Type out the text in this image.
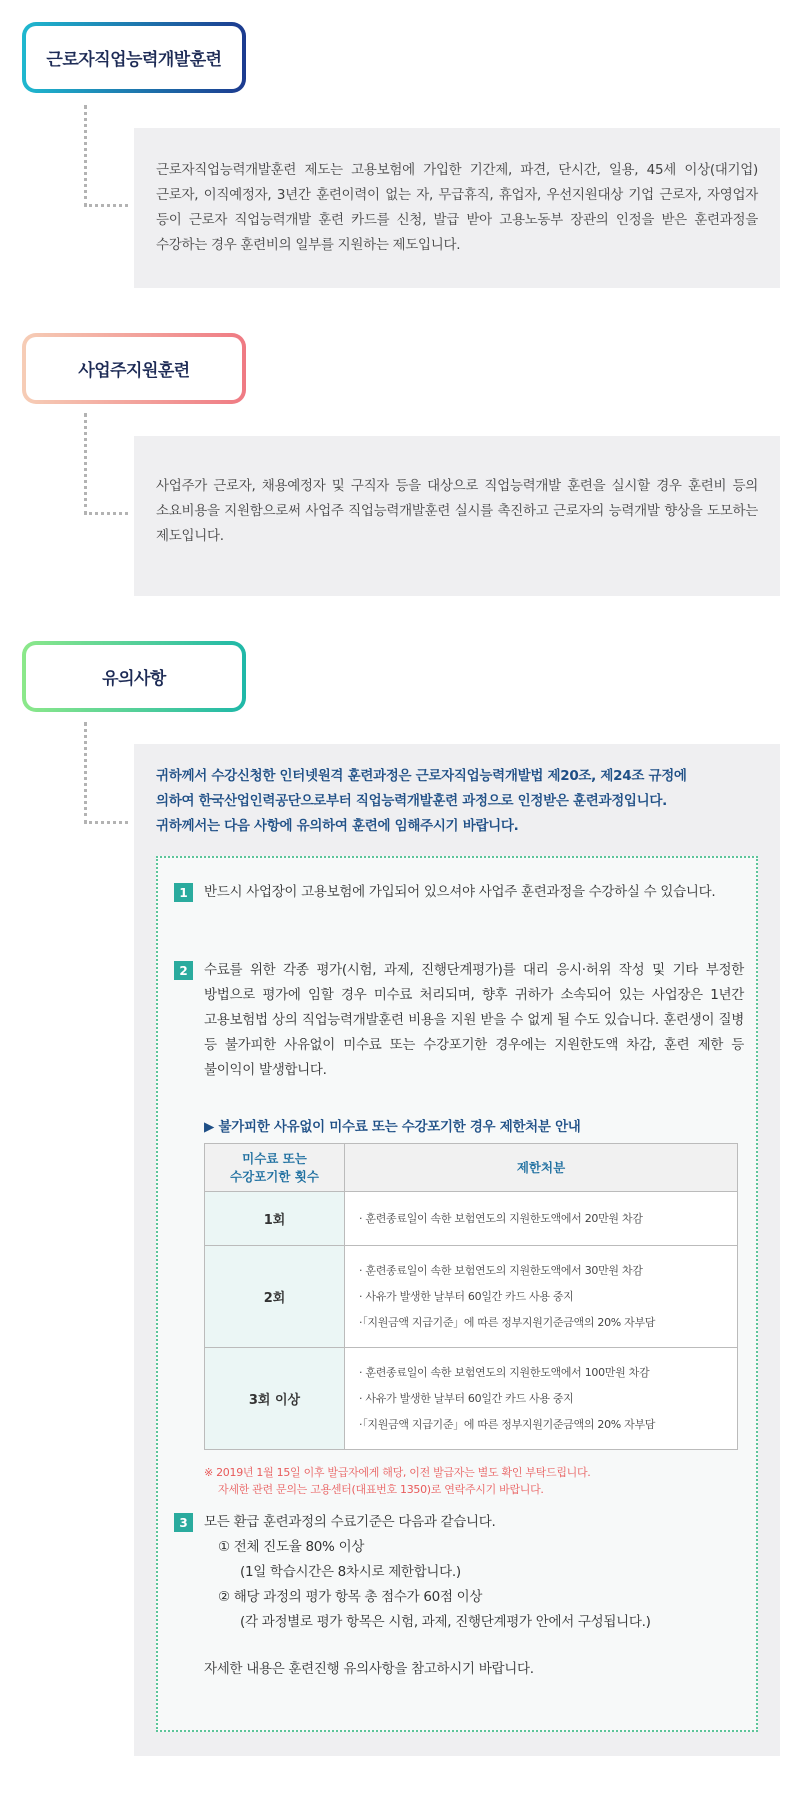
근로자직업능력개발훈련

근로자직업능력개발훈련 제도는 고용보험에 가입한 기간제, 파견, 단시간, 일용, 45세 이상(대기업)근로자, 이직예정자, 3년간 훈련이력이 없는 자, 무급휴직, 휴업자, 우선지원대상 기업 근로자, 자영업자 등이 근로자 직업능력개발 훈련 카드를 신청, 발급 받아 고용노동부 장관의 인정을 받은 훈련과정을 수강하는 경우 훈련비의 일부를 지원하는 제도입니다.

사업주지원훈련

사업주가 근로자, 채용예정자 및 구직자 등을 대상으로 직업능력개발 훈련을 실시할 경우 훈련비 등의 소요비용을 지원함으로써 사업주 직업능력개발훈련 실시를 촉진하고 근로자의 능력개발 향상을 도모하는 제도입니다.

유의사항

귀하께서 수강신청한 인터넷원격 훈련과정은 근로자직업능력개발법 제20조, 제24조 규정에

의하여 한국산업인력공단으로부터 직업능력개발훈련 과정으로 인정받은 훈련과정입니다.

귀하께서는 다음 사항에 유의하여 훈련에 임해주시기 바랍니다.

1	반드시 사업장이 고용보험에 가입되어 있으셔야 사업주 훈련과정을 수강하실 수 있습니다.

2	수료를 위한 각종 평가(시험, 과제, 진행단계평가)를 대리 응시·허위 작성 및 기타 부정한 방법으로 평가에 임할 경우 미수료 처리되며, 향후 귀하가 소속되어 있는 사업장은 1년간 고용보험법 상의 직업능력개발훈련 비용을 지원 받을 수 없게 될 수도 있습니다. 훈련생이 질병 등 불가피한 사유없이 미수료 또는 수강포기한 경우에는 지원한도액 차감, 훈련 제한 등 불이익이 발생합니다.

▶ 불가피한 사유없이 미수료 또는 수강포기한 경우 제한처분 안내

미수료 또는
수강포기한 횟수	제한처분
1회	· 훈련종료일이 속한 보험연도의 지원한도액에서 20만원 차감

2회	· 훈련종료일이 속한 보험연도의 지원한도액에서 30만원 차감
· 사유가 발생한 날부터 60일간 카드 사용 중지
·「지원금액 지급기준」에 따른 정부지원기준금액의 20% 자부담

3회 이상	· 훈련종료일이 속한 보험연도의 지원한도액에서 100만원 차감
· 사유가 발생한 날부터 60일간 카드 사용 중지
·「지원금액 지급기준」에 따른 정부지원기준금액의 20% 자부담
※ 2019년 1월 15일 이후 발급자에게 해당, 이전 발급자는 별도 확인 부탁드립니다.
자세한 관련 문의는 고용센터(대표번호 1350)로 연락주시기 바랍니다.
3	모든 환급 훈련과정의 수료기준은 다음과 같습니다.

① 전체 진도율 80% 이상
(1일 학습시간은 8차시로 제한합니다.)
② 해당 과정의 평가 항목 총 점수가 60점 이상
(각 과정별로 평가 항목은 시험, 과제, 진행단계평가 안에서 구성됩니다.)

자세한 내용은 훈련진행 유의사항을 참고하시기 바랍니다.
